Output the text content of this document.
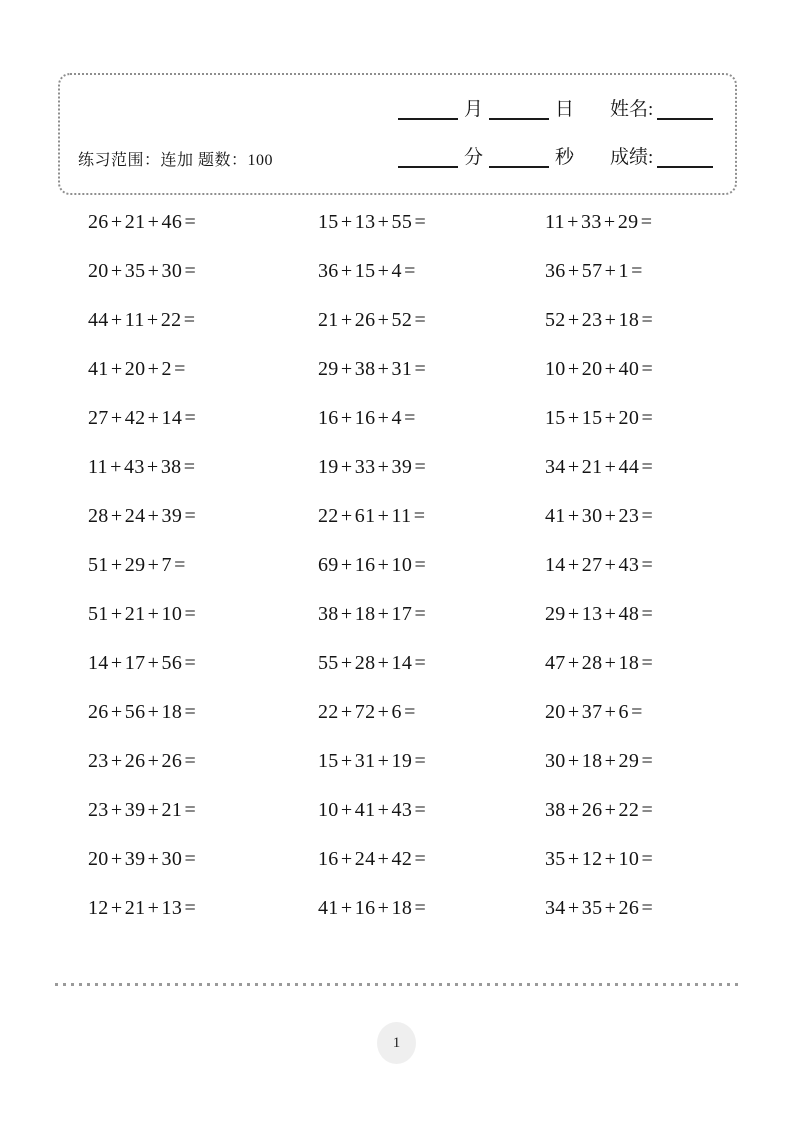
练习范围：连加 题数：100
月	日 姓名:
分	秒 成绩:
26 + 21 + 46 =
20 + 35 + 30 =
44 + 11 + 22 =
41 + 20 + 2 =
27 + 42 + 14 =
11 + 43 + 38 =
28 + 24 + 39 =
51 + 29 + 7 =
51 + 21 + 10 =
14 + 17 + 56 =
26 + 56 + 18 =
23 + 26 + 26 =
23 + 39 + 21 =
20 + 39 + 30 =
12 + 21 + 13 =
15 + 13 + 55 =
36 + 15 + 4 =
21 + 26 + 52 =
29 + 38 + 31 =
16 + 16 + 4 =
19 + 33 + 39 =
22 + 61 + 11 =
69 + 16 + 10 =
38 + 18 + 17 =
55 + 28 + 14 =
22 + 72 + 6 =
15 + 31 + 19 =
10 + 41 + 43 =
16 + 24 + 42 =
41 + 16 + 18 =
11 + 33 + 29 =
36 + 57 + 1 =
52 + 23 + 18 =
10 + 20 + 40 =
15 + 15 + 20 =
34 + 21 + 44 =
41 + 30 + 23 =
14 + 27 + 43 =
29 + 13 + 48 =
47 + 28 + 18 =
20 + 37 + 6 =
30 + 18 + 29 =
38 + 26 + 22 =
35 + 12 + 10 =
34 + 35 + 26 =
1
